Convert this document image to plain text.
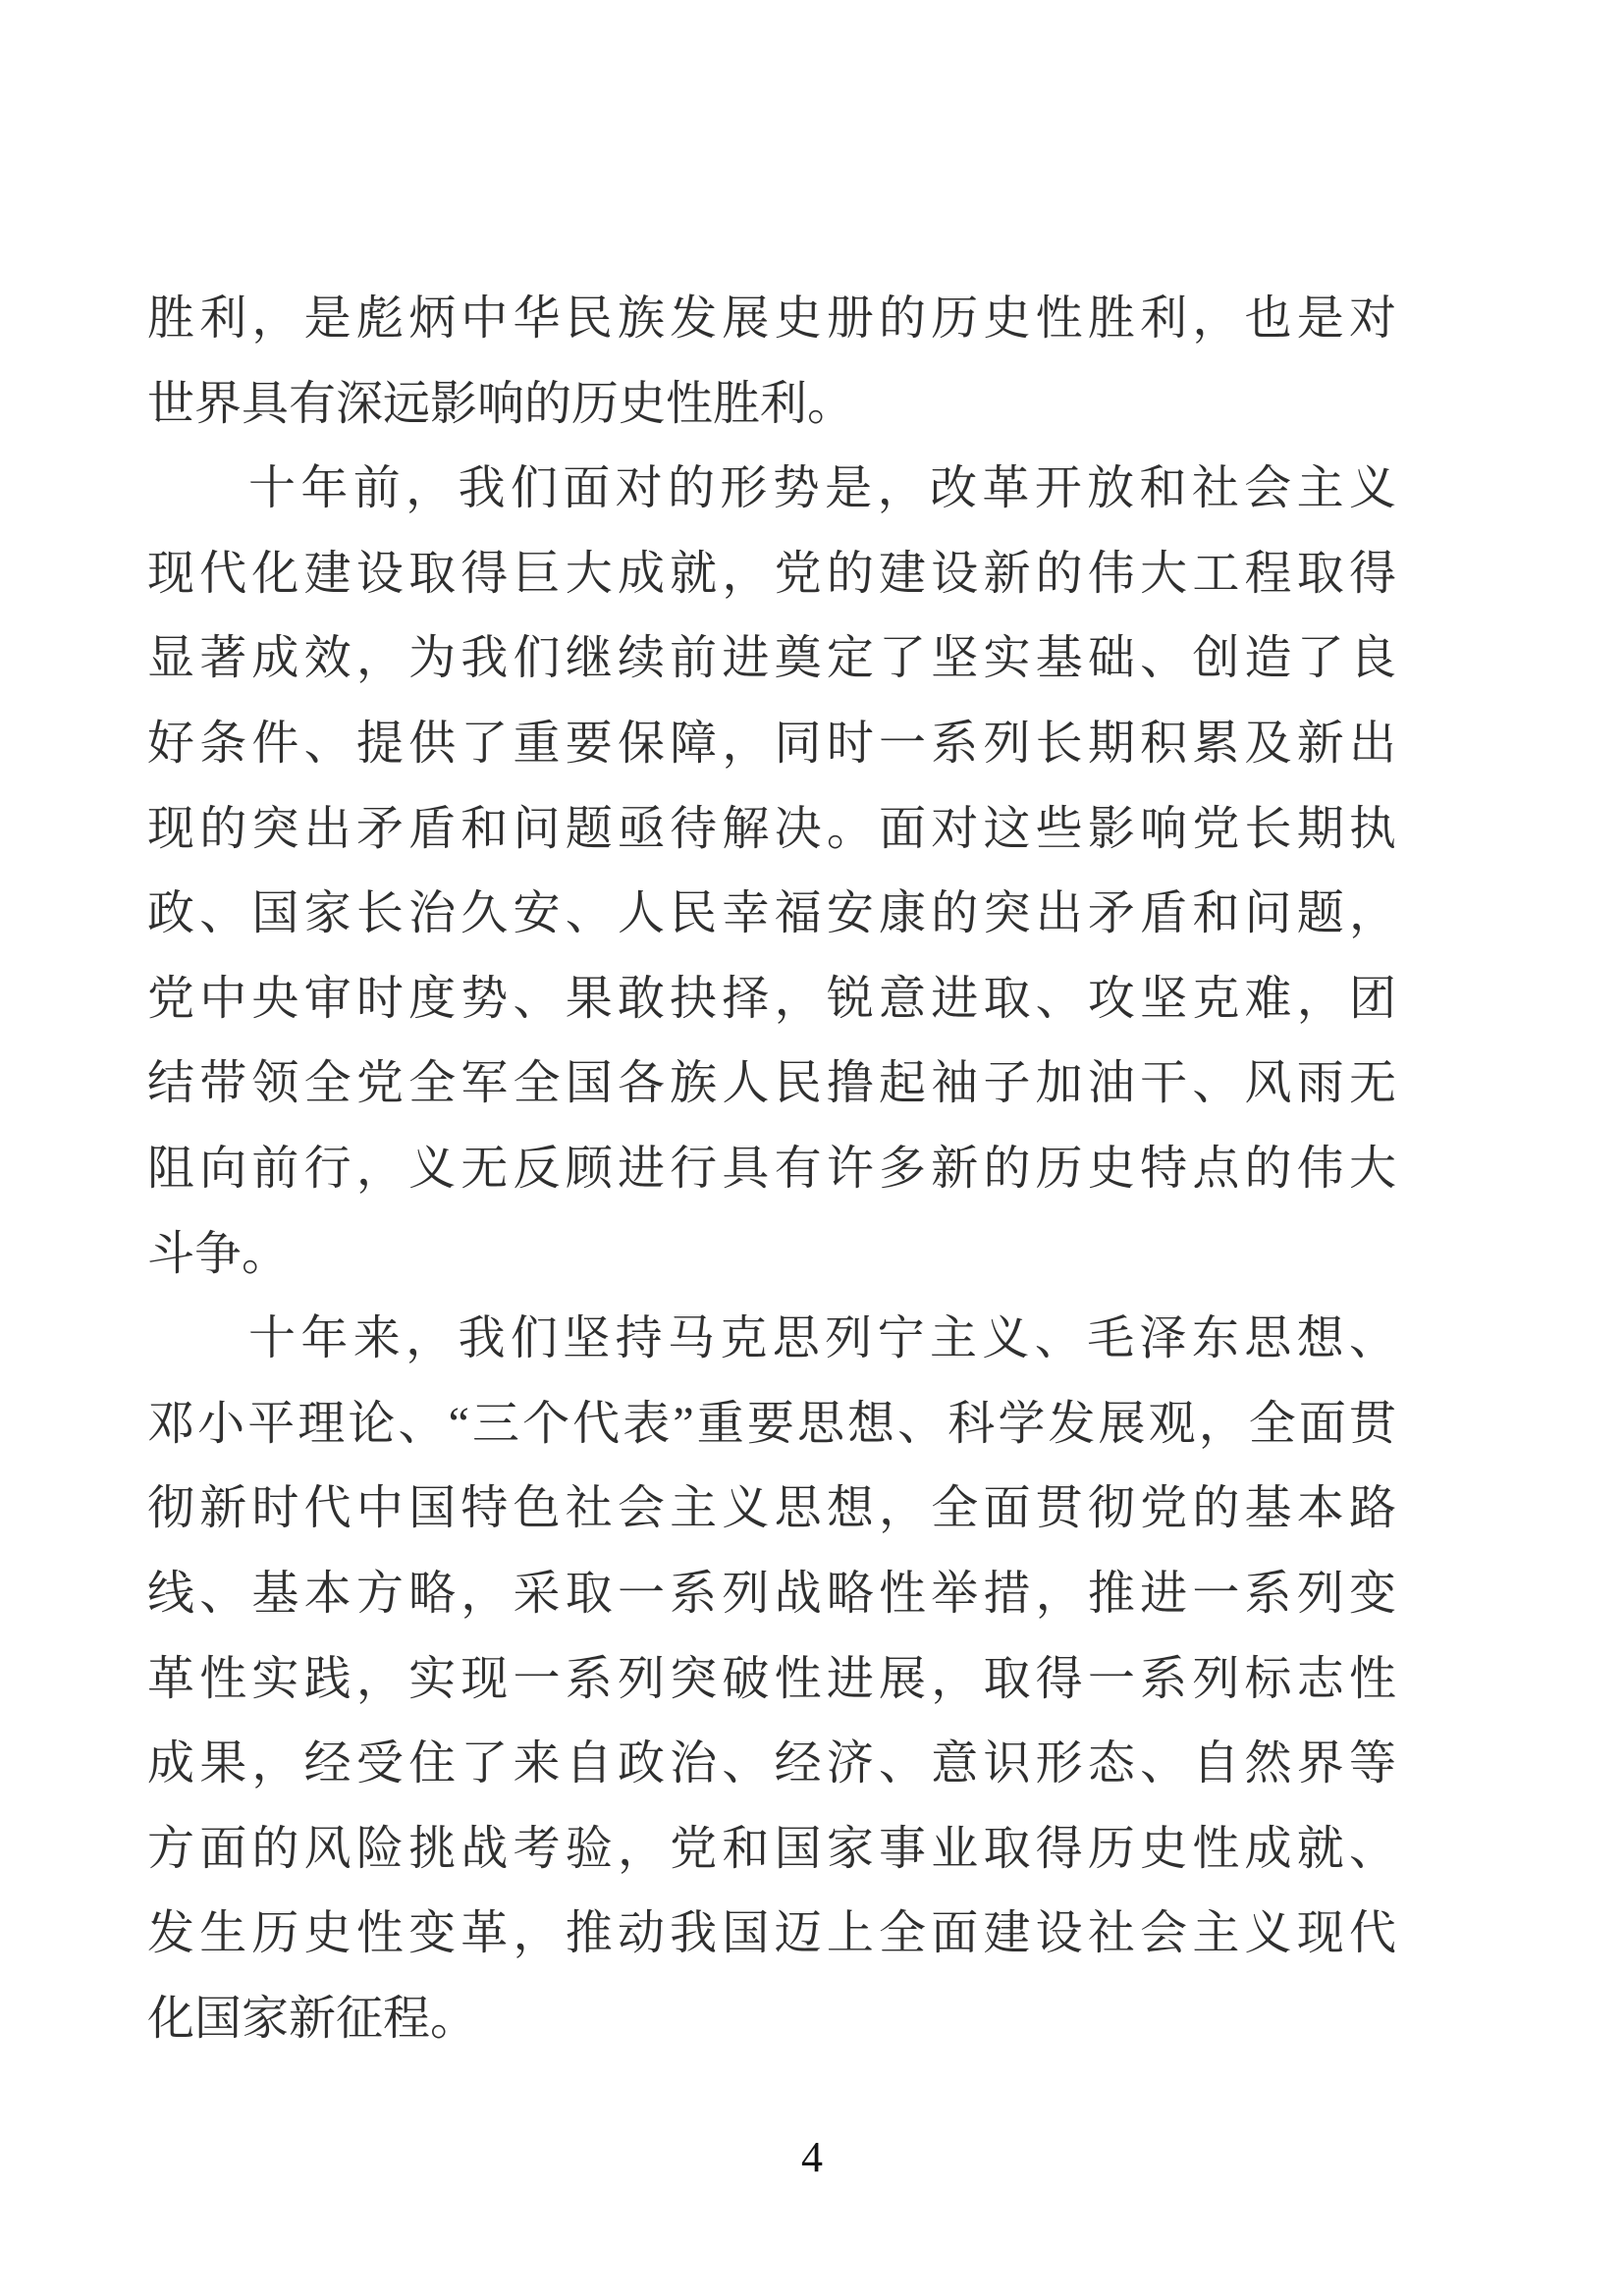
胜利，是彪炳中华民族发展史册的历史性胜利，也是对
世界具有深远影响的历史性胜利。
十年前，我们面对的形势是，改革开放和社会主义
现代化建设取得巨大成就，党的建设新的伟大工程取得
显著成效，为我们继续前进奠定了坚实基础、创造了良
好条件、提供了重要保障，同时一系列长期积累及新出
现的突出矛盾和问题亟待解决。面对这些影响党长期执
政、国家长治久安、人民幸福安康的突出矛盾和问题，
党中央审时度势、果敢抉择，锐意进取、攻坚克难，团
结带领全党全军全国各族人民撸起袖子加油干、风雨无
阻向前行，义无反顾进行具有许多新的历史特点的伟大
斗争。
十年来，我们坚持马克思列宁主义、毛泽东思想、
邓小平理论、“三个代表”重要思想、科学发展观，全面贯
彻新时代中国特色社会主义思想，全面贯彻党的基本路
线、基本方略，采取一系列战略性举措，推进一系列变
革性实践，实现一系列突破性进展，取得一系列标志性
成果，经受住了来自政治、经济、意识形态、自然界等
方面的风险挑战考验，党和国家事业取得历史性成就、
发生历史性变革，推动我国迈上全面建设社会主义现代
化国家新征程。
4
